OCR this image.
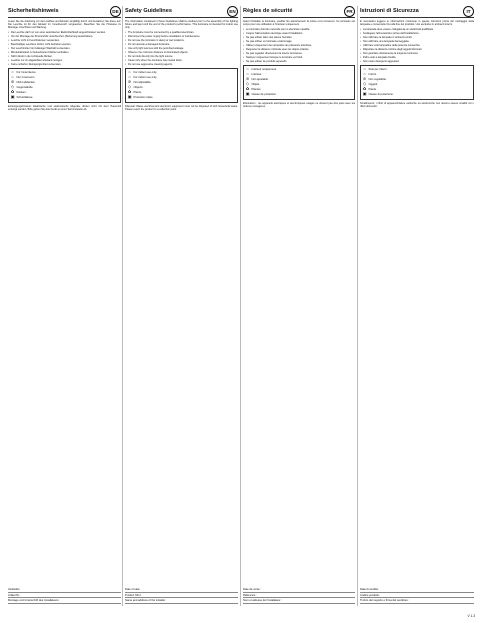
Sicherheitshinweis	DE
Lesen Sie die Anleitung vor dem Aufbau und Einsatz sorgfältig durch und bewahren Sie diese auf. Die Leuchte ist für den Einsatz im Innenbereich vorgesehen. Beachten Sie die Hinweise zu Montage, Anschluss und Wartung.
• Die Leuchte darf nur von einer autorisierten Elektrofachkraft angeschlossen werden.
• Vor der Montage die Stromzufuhr unterbrechen (Sicherung ausschalten).
• Leuchte nicht in Feuchträumen verwenden.
• Beschädigte Leuchten dürfen nicht betrieben werden.
• Nur Leuchtmittel mit zulässiger Wattzahl verwenden.
• Mindestabstand zu beleuchteten Flächen einhalten.
• Nicht direkt in die Lichtquelle blicken.
• Leuchte nur im abgekühlten Zustand reinigen.
• Keine scharfen Reinigungsmittel verwenden.
⌂	Für Innenräume.
⌂	Nur Innenraum.
⊘ Nicht abdecken.
◇ Gegenstände.
✿ Ranken.
▣ Schutzklasse.
Entsorgungshinweis: Elektrische und elektronische Altgeräte dürfen nicht mit dem Hausmüll entsorgt werden. Bitte geben Sie das Gerät an einer Sammelstelle ab.
Verkäufer:
Artikel Nr.:
Montage und Unterschrift des Installateurs:
Safety Guidelines	EN
The information contained in these Guidelines shall be studied prior to the assembly of the lighting fixture and kept until the end of the product's performance. This luminaire is intended for indoor use only.
• The luminaire must be connected by a qualified electrician.
• Disconnect the power supply before installation or maintenance.
• Do not use the luminaire in damp or wet locations.
• Do not operate a damaged luminaire.
• Use only light sources with the permitted wattage.
• Observe the minimum distance to illuminated objects.
• Do not look directly into the light source.
• Clean only when the luminaire has cooled down.
• Do not use aggressive cleaning agents.
⌂	For indoor use only.
⌂	For indoor use only.
⊘ Not adjustable.
◇ Objects.
✿ Plants.
▣ Protection class.
Disposal: Waste electrical and electronic equipment must not be disposed of with household waste. Please return the product to a collection point.
Date of sale:
Product SKU:
Name and address of the installer:
Règles de sécurité	FR
Avant d'installer le luminaire, veuillez lire attentivement la notice et la conserver. Ce luminaire est conçu pour une utilisation à l'intérieur uniquement.
• Le luminaire doit être raccordé par un électricien qualifié.
• Couper l'alimentation électrique avant l'installation.
• Ne pas utiliser dans des pièces humides.
• Ne pas utiliser un luminaire endommagé.
• Utiliser uniquement des ampoules de puissance autorisée.
• Respecter la distance minimale avec les objets éclairés.
• Ne pas regarder directement la source lumineuse.
• Nettoyer uniquement lorsque le luminaire est froid.
• Ne pas utiliser de produits agressifs.
⌂	Intérieur uniquement.
⌂	Intérieur.
⊘ Non ajustable.
◇ Objets.
✿ Plantes.
▣ Classe de protection.
Élimination : les appareils électriques et électroniques usagés ne doivent pas être jetés avec les ordures ménagères.
Date de vente :
Référence :
Nom et adresse de l'installateur :
Istruzioni di Sicurezza	IT
È necessario leggere le informazioni contenute in queste istruzioni prima del montaggio della lampada e conservarle fino alla fine del prodotto. Uso esclusivo in ambienti interni.
• La lampada deve essere collegata da un elettricista qualificato.
• Scollegare l'alimentazione prima dell'installazione.
• Non utilizzare la lampada in ambienti umidi.
• Non utilizzare una lampada danneggiata.
• Utilizzare solo lampadine della potenza consentita.
• Rispettare la distanza minima dagli oggetti illuminati.
• Non guardare direttamente la sorgente luminosa.
• Pulire solo a lampada fredda.
• Non usare detergenti aggressivi.
⌂	Solo per interni.
⌂	Interni.
⊘ Non regolabile.
◇ Oggetti.
✿ Piante.
▣ Classe di protezione.
Smaltimento: i rifiuti di apparecchiature elettriche ed elettroniche non devono essere smaltiti con i rifiuti domestici.
Data di vendita:
Codice prodotto:
Timbro del negozio e firma del venditore:
V 1.3
